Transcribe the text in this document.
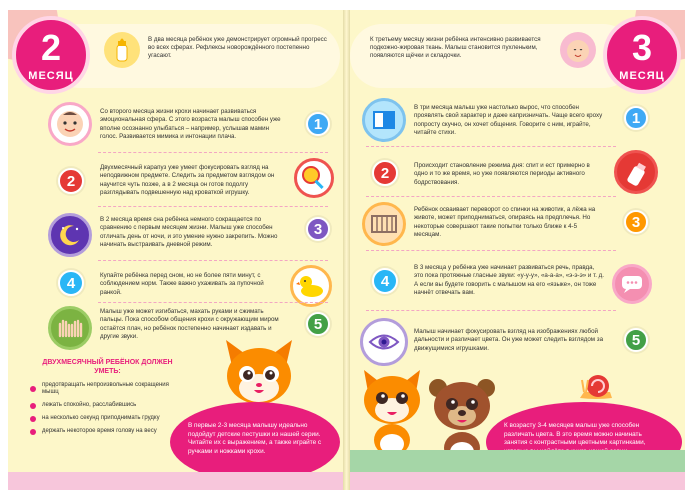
2
МЕСЯЦ
В два месяца ребёнок уже демонстрирует огромный прогресс во всех сферах. Рефлексы новорождённого постепенно угасают.
Со второго месяца жизни крохи начинает развиваться эмоциональная сфера. С этого возраста малыш способен уже вполне осознанно улыбаться – например, услышав мамин голос. Развивается мимика и интонации плача.
1
2
Двухмесячный карапуз уже умеет фокусировать взгляд на неподвижном предмете. Следить за предметом взглядом он научится чуть позже, а в 2 месяца он готов подолгу разглядывать подвешенную над кроваткой игрушку.
В 2 месяца время сна ребёнка немного сокращается по сравнению с первым месяцем жизни. Малыш уже способен отличать день от ночи, и это умение нужно закрепить. Можно начинать выстраивать дневной режим.
3
4	Купайте ребёнка перед сном, но не более пяти минут, с соблюдением норм. Также важно ухаживать за пупочной ранкой.
Малыш уже может изгибаться, махать руками и сжимать пальцы. Пока способом общения крохи с окружающим миром остаётся плач, но ребёнок постепенно начинает издавать и другие звуки.
5
ДВУХМЕСЯЧНЫЙ РЕБЁНОК ДОЛЖЕН УМЕТЬ:
предотвращать непроизвольные сокращения мышц
лежать спокойно, расслабившись
на несколько секунд приподнимать грудку
держать некоторое время голову на весу
В первые 2-3 месяца малышу идеально подойдут детские пестушки из нашей серии. Читайте их с выражением, а также играйте с ручками и ножками крохи.
К третьему месяцу жизни ребёнка интенсивно развивается подкожно-жировая ткань. Малыш становится пухленьким, появляются щёчки и складочки.	3
МЕСЯЦ
В три месяца малыш уже настолько вырос, что способен проявлять свой характер и даже капризничать. Чаще всего кроху попросту скучно, он хочет общения. Говорите с ним, играйте, читайте стихи.
1
2	Происходит становление режима дня: спит и ест примерно в одно и то же время, но уже появляются периоды активного бодрствования.
Ребёнок осваивает переворот со спинки на животик, а лёжа на животе, может приподниматься, опираясь на предплечья. Но некоторые совершают такие попытки только ближе к 4-5 месяцам.
3
4
В 3 месяца у ребёнка уже начинает развиваться речь, правда, это пока протяжные гласные звуки: «у-у-у», «а-а-а», «э-э-э» и т. д. А если вы будете говорить с малышом на его «языке», он тоже начнёт отвечать вам.
Малыш начинает фокусировать взгляд на изображениях любой дальности и различает цвета. Он уже может следить взглядом за движущимися игрушками.	5
К возрасту 3-4 месяцев малыш уже способен различать цвета. В это время можно начинать занятия с контрастными цветными картинками,
